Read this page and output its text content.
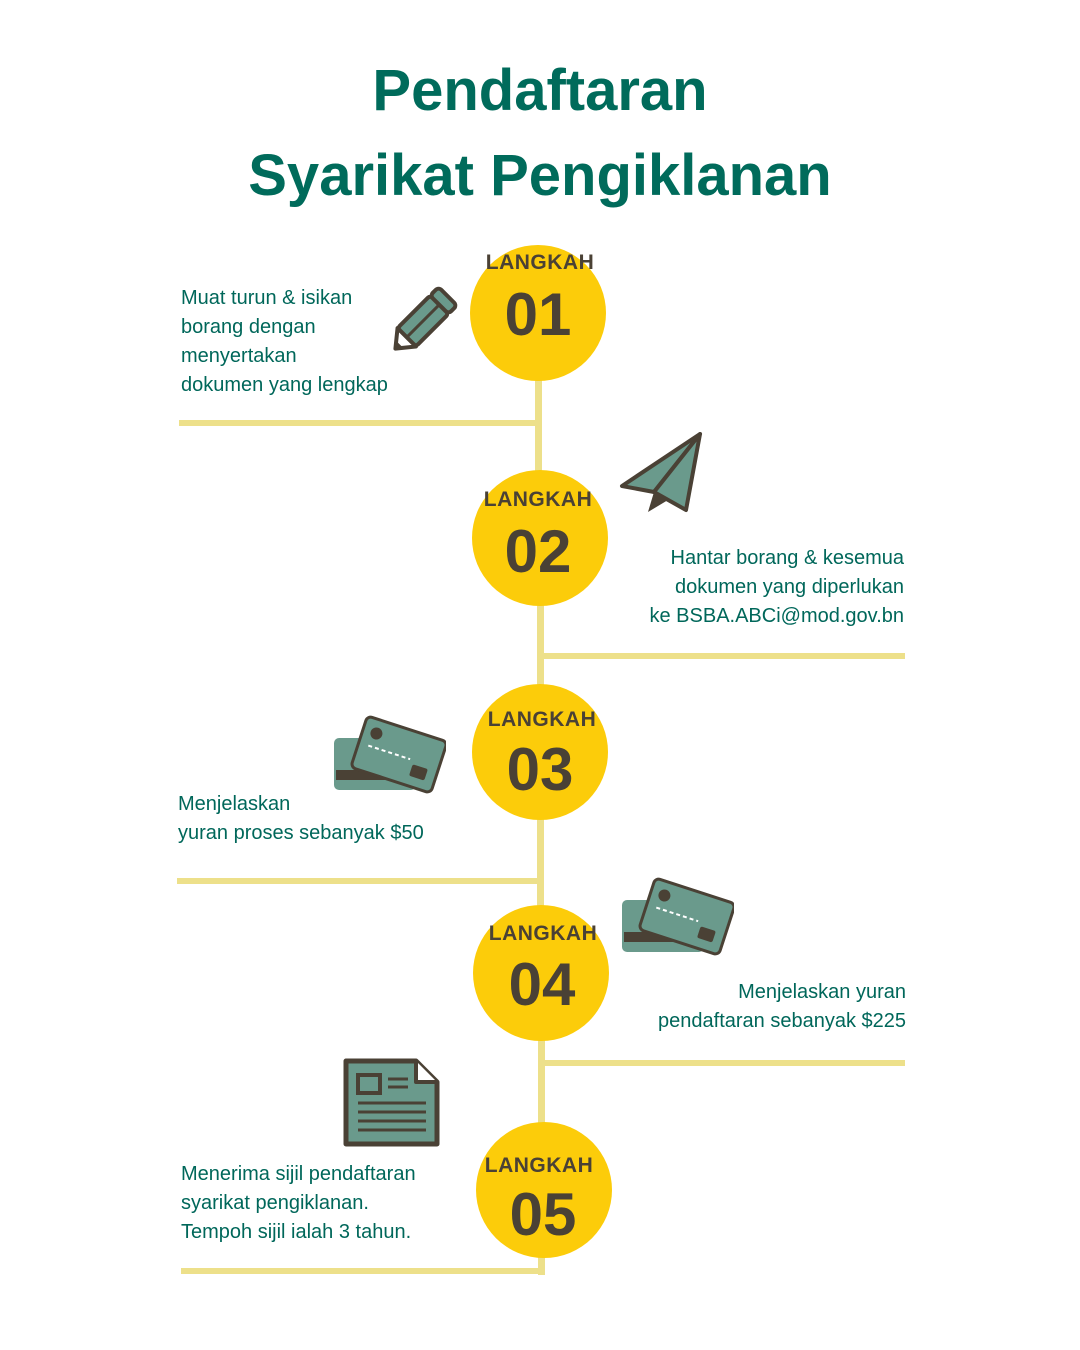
Pendaftaran
Syarikat Pengiklanan
LANGKAH
01
Muat turun & isikan
borang dengan
menyertakan
dokumen yang lengkap
LANGKAH
02	Hantar borang & kesemua
dokumen yang diperlukan
ke BSBA.ABCi@mod.gov.bn
LANGKAH
03
Menjelaskan
yuran proses sebanyak $50
LANGKAH
04	Menjelaskan yuran
pendaftaran sebanyak $225
LANGKAH
05
Menerima sijil pendaftaran
syarikat pengiklanan.
Tempoh sijil ialah 3 tahun.
